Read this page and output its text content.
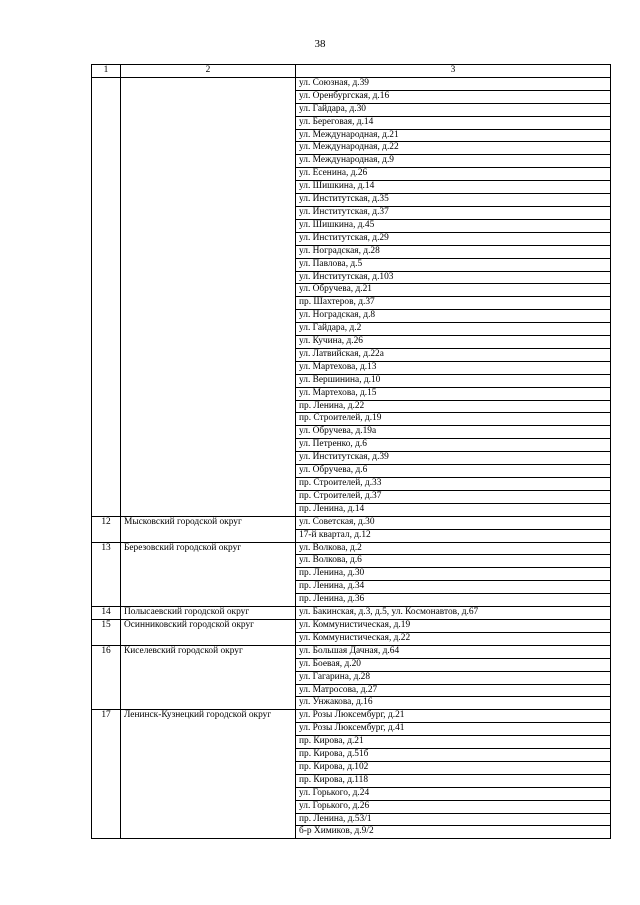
38
1	2	3
		ул. Союзная, д.39
		ул. Оренбургская, д.16
		ул. Гайдара, д.30
		ул. Береговая, д.14
		ул. Международная, д.21
		ул. Международная, д.22
		ул. Международная, д.9
		ул. Есенина, д.26
		ул. Шишкина, д.14
		ул. Институтская, д.35
		ул. Институтская, д.37
		ул. Шишкина, д.45
		ул. Институтская, д.29
		ул. Ноградская, д.28
		ул. Павлова, д.5
		ул. Институтская, д.103
		ул. Обручева, д.21
		пр. Шахтеров, д.37
		ул. Ноградская, д.8
		ул. Гайдара, д.2
		ул. Кучина, д.26
		ул. Латвийская, д.22а
		ул. Мартехова, д.13
		ул. Вершинина, д.10
		ул. Мартехова, д.15
		пр. Ленина, д.22
		пр. Строителей, д.19
		ул. Обручева, д.19а
		ул. Петренко, д.6
		ул. Институтская, д.39
		ул. Обручева, д.6
		пр. Строителей, д.33
		пр. Строителей, д.37
		пр. Ленина, д.14
12	Мысковский городской округ	ул. Советская, д.30
		17-й квартал, д.12
13	Березовский городской округ	ул. Волкова, д.2
		ул. Волкова, д.6
		пр. Ленина, д.30
		пр. Ленина, д.34
		пр. Ленина, д.36
14	Полысаевский городской округ	ул. Бакинская, д.3, д.5, ул. Космонавтов, д.67
15	Осинниковский городской округ	ул. Коммунистическая, д.19
		ул. Коммунистическая, д.22
16	Киселевский городской округ	ул. Большая Дачная, д.64
		ул. Боевая, д.20
		ул. Гагарина, д.28
		ул. Матросова, д.27
		ул. Унжакова, д.16
17	Ленинск-Кузнецкий городской округ	ул. Розы Люксембург, д.21
		ул. Розы Люксембург, д.41
		пр. Кирова, д.21
		пр. Кирова, д.51б
		пр. Кирова, д.102
		пр. Кирова, д.118
		ул. Горького, д.24
		ул. Горького, д.26
		пр. Ленина, д.53/1
		б-р Химиков, д.9/2
